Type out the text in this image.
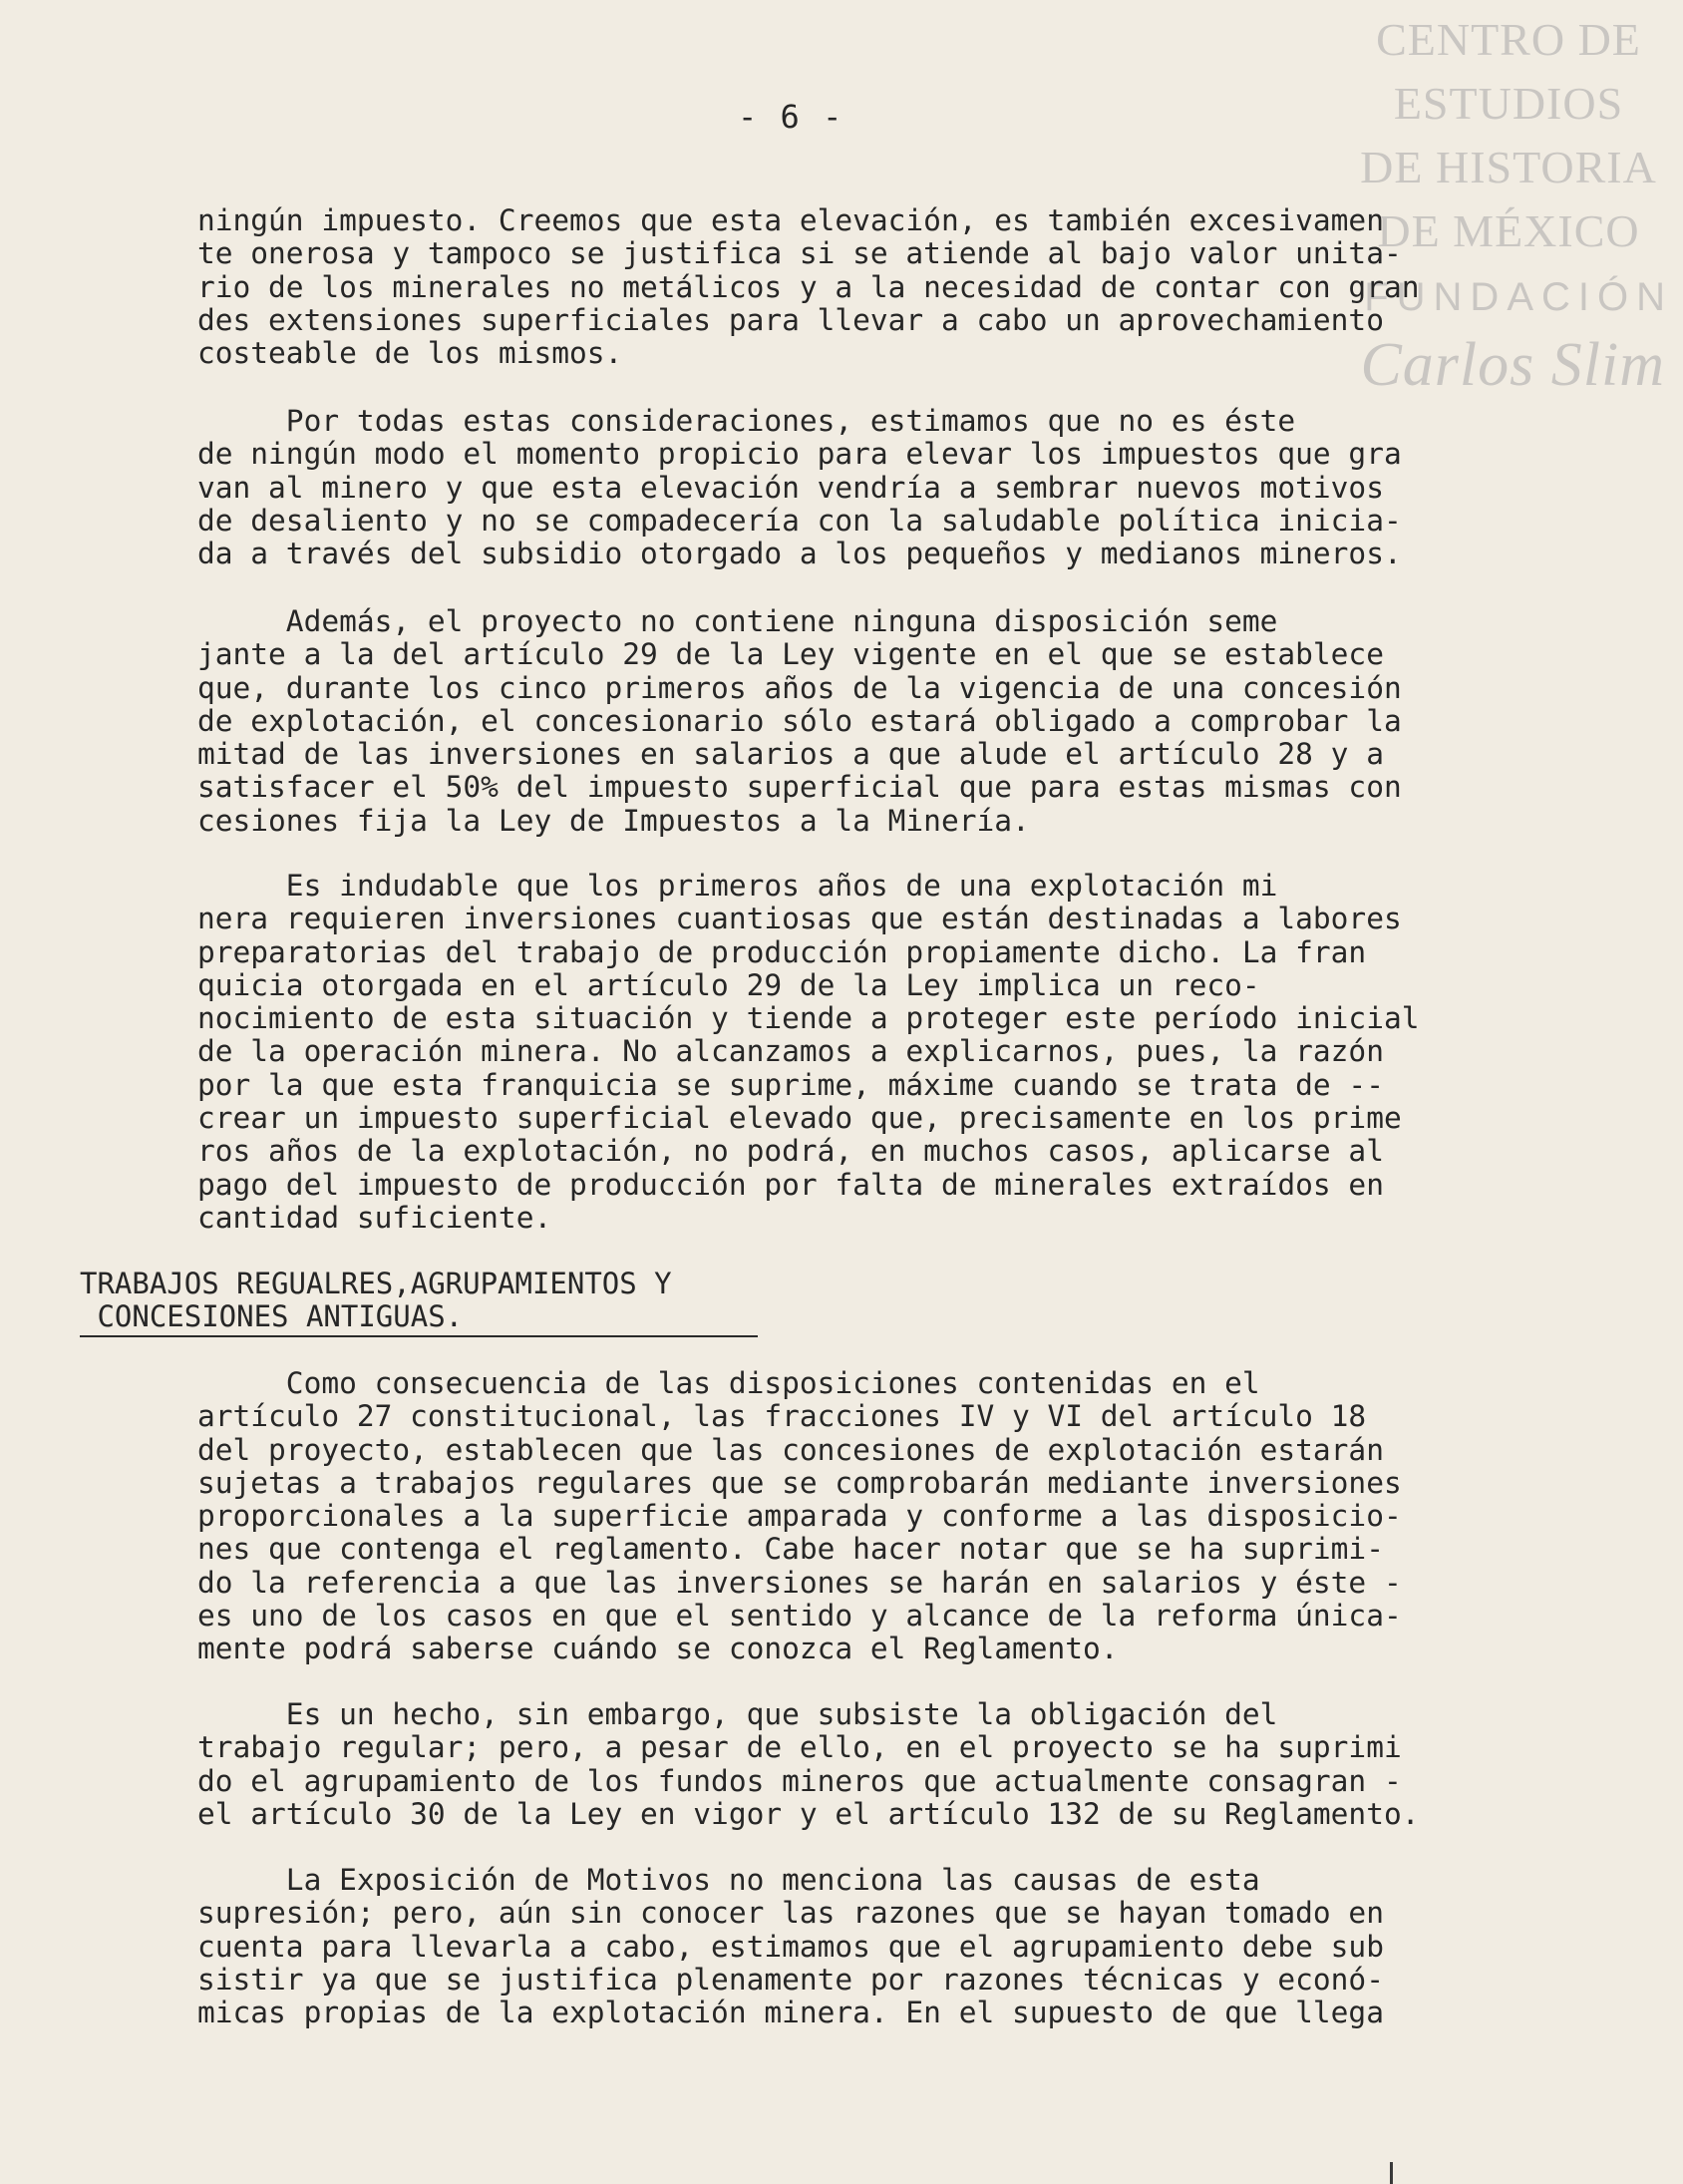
CENTRO DE
ESTUDIOS
DE HISTORIA
DE MÉXICO
FUNDACIÓN
Carlos Slim
- 6 -

ningún impuesto. Creemos que esta elevación, es también excesivamen
te onerosa y tampoco se justifica si se atiende al bajo valor unita-
rio de los minerales no metálicos y a la necesidad de contar con gran
des extensiones superficiales para llevar a cabo un aprovechamiento
costeable de los mismos.

Por todas estas consideraciones, estimamos que no es éste
de ningún modo el momento propicio para elevar los impuestos que gra
van al minero y que esta elevación vendría a sembrar nuevos motivos
de desaliento y no se compadecería con la saludable política inicia-
da a través del subsidio otorgado a los pequeños y medianos mineros.

Además, el proyecto no contiene ninguna disposición seme
jante a la del artículo 29 de la Ley vigente en el que se establece
que, durante los cinco primeros años de la vigencia de una concesión
de explotación, el concesionario sólo estará obligado a comprobar la
mitad de las inversiones en salarios a que alude el artículo 28 y a
satisfacer el 50% del impuesto superficial que para estas mismas con
cesiones fija la Ley de Impuestos a la Minería.

Es indudable que los primeros años de una explotación mi
nera requieren inversiones cuantiosas que están destinadas a labores
preparatorias del trabajo de producción propiamente dicho. La fran
quicia otorgada en el artículo 29 de la Ley implica un reco-
nocimiento de esta situación y tiende a proteger este período inicial
de la operación minera. No alcanzamos a explicarnos, pues, la razón
por la que esta franquicia se suprime, máxime cuando se trata de --
crear un impuesto superficial elevado que, precisamente en los prime
ros años de la explotación, no podrá, en muchos casos, aplicarse al
pago del impuesto de producción por falta de minerales extraídos en
cantidad suficiente.

TRABAJOS REGUALRES,AGRUPAMIENTOS Y
CONCESIONES ANTIGUAS.

Como consecuencia de las disposiciones contenidas en el
artículo 27 constitucional, las fracciones IV y VI del artículo 18
del proyecto, establecen que las concesiones de explotación estarán
sujetas a trabajos regulares que se comprobarán mediante inversiones
proporcionales a la superficie amparada y conforme a las disposicio-
nes que contenga el reglamento. Cabe hacer notar que se ha suprimi-
do la referencia a que las inversiones se harán en salarios y éste -
es uno de los casos en que el sentido y alcance de la reforma única-
mente podrá saberse cuándo se conozca el Reglamento.

Es un hecho, sin embargo, que subsiste la obligación del
trabajo regular; pero, a pesar de ello, en el proyecto se ha suprimi
do el agrupamiento de los fundos mineros que actualmente consagran -
el artículo 30 de la Ley en vigor y el artículo 132 de su Reglamento.

La Exposición de Motivos no menciona las causas de esta
supresión; pero, aún sin conocer las razones que se hayan tomado en
cuenta para llevarla a cabo, estimamos que el agrupamiento debe sub
sistir ya que se justifica plenamente por razones técnicas y econó-
micas propias de la explotación minera. En el supuesto de que llega
